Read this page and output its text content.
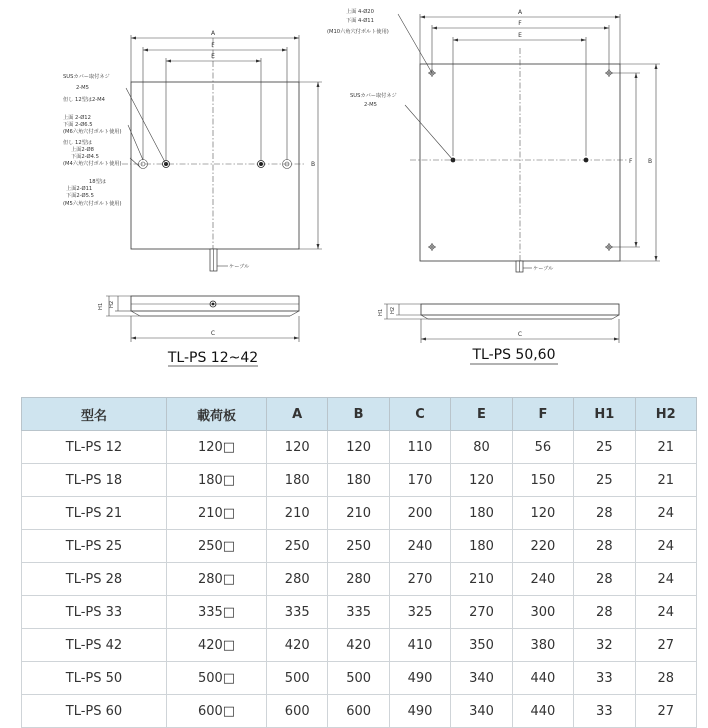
A
F
E
B
ケーブル
SUSカバー取付ネジ
2-M5
但し 12型は2-M4
上面 2-Ø12
下面 2-Ø6.5
(M6六角穴付ボルト使用)
但し 12型は
上面2-Ø8
下面2-Ø4.5
(M4六角穴付ボルト使用)
18型は
上面2-Ø11
下面2-Ø5.5
(M5六角穴付ボルト使用)
H1 H2
C
TL-PS 12~42
A
F
E
F	B
ケーブル
上面 4-Ø20
下面 4-Ø11
(M10六角穴付ボルト使用)
SUSカバー取付ネジ
2-M5
H1 H2
C
TL-PS 50,60
型名	載荷板	A	B	C	E	F	H1	H2
TL-PS 12	120□	120	120	110	80	56	25	21
TL-PS 18	180□	180	180	170	120	150	25	21
TL-PS 21	210□	210	210	200	180	120	28	24
TL-PS 25	250□	250	250	240	180	220	28	24
TL-PS 28	280□	280	280	270	210	240	28	24
TL-PS 33	335□	335	335	325	270	300	28	24
TL-PS 42	420□	420	420	410	350	380	32	27
TL-PS 50	500□	500	500	490	340	440	33	28
TL-PS 60	600□	600	600	490	340	440	33	27
